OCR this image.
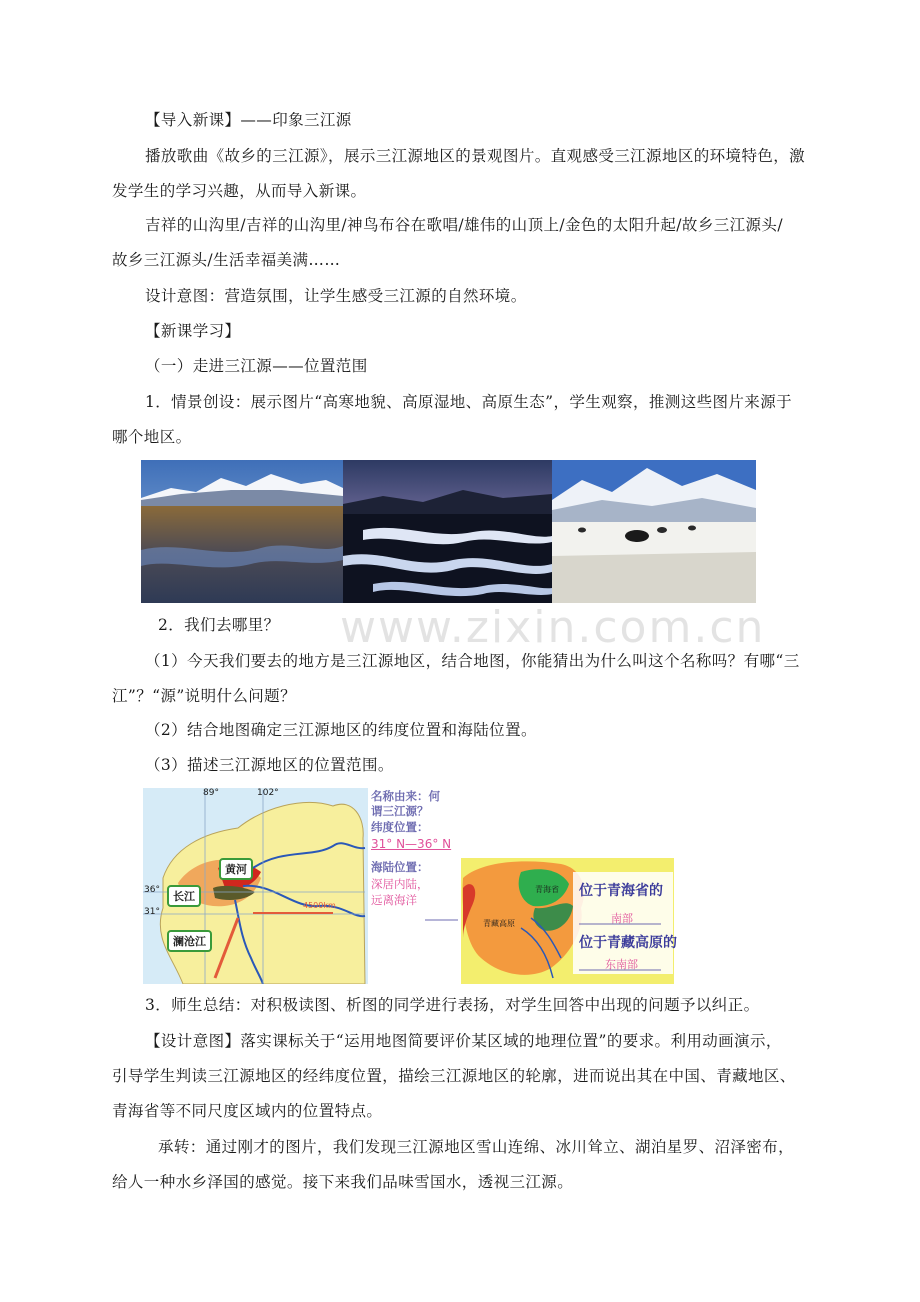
【导入新课】——印象三江源
播放歌曲《故乡的三江源》，展示三江源地区的景观图片。直观感受三江源地区的环境特色，激
发学生的学习兴趣，从而导入新课。
吉祥的山沟里/吉祥的山沟里/神鸟布谷在歌唱/雄伟的山顶上/金色的太阳升起/故乡三江源头/
故乡三江源头/生活幸福美满……
设计意图：营造氛围，让学生感受三江源的自然环境。
【新课学习】
（一）走进三江源——位置范围
1．情景创设：展示图片“高寒地貌、高原湿地、高原生态”，学生观察，推测这些图片来源于
哪个地区。
www.zixin.com.cn
2．我们去哪里？
（1）今天我们要去的地方是三江源地区，结合地图，你能猜出为什么叫这个名称吗？有哪“三
江”？“源”说明什么问题？
（2）结合地图确定三江源地区的纬度位置和海陆位置。
（3）描述三江源地区的位置范围。
89°	102°
36°
31°
黄河
长江
澜沧江
4500km
名称由来：何
谓三江源？
纬度位置：
31° N—36° N
海陆位置：
深居内陆，
远离海洋
青海省
青藏高原
位于青海省的
南部
位于青藏高原的
东南部
3．师生总结：对积极读图、析图的同学进行表扬，对学生回答中出现的问题予以纠正。
【设计意图】落实课标关于“运用地图简要评价某区域的地理位置”的要求。利用动画演示，
引导学生判读三江源地区的经纬度位置，描绘三江源地区的轮廓，进而说出其在中国、青藏地区、
青海省等不同尺度区域内的位置特点。
承转：通过刚才的图片，我们发现三江源地区雪山连绵、冰川耸立、湖泊星罗、沼泽密布，
给人一种水乡泽国的感觉。接下来我们品味雪国水，透视三江源。
